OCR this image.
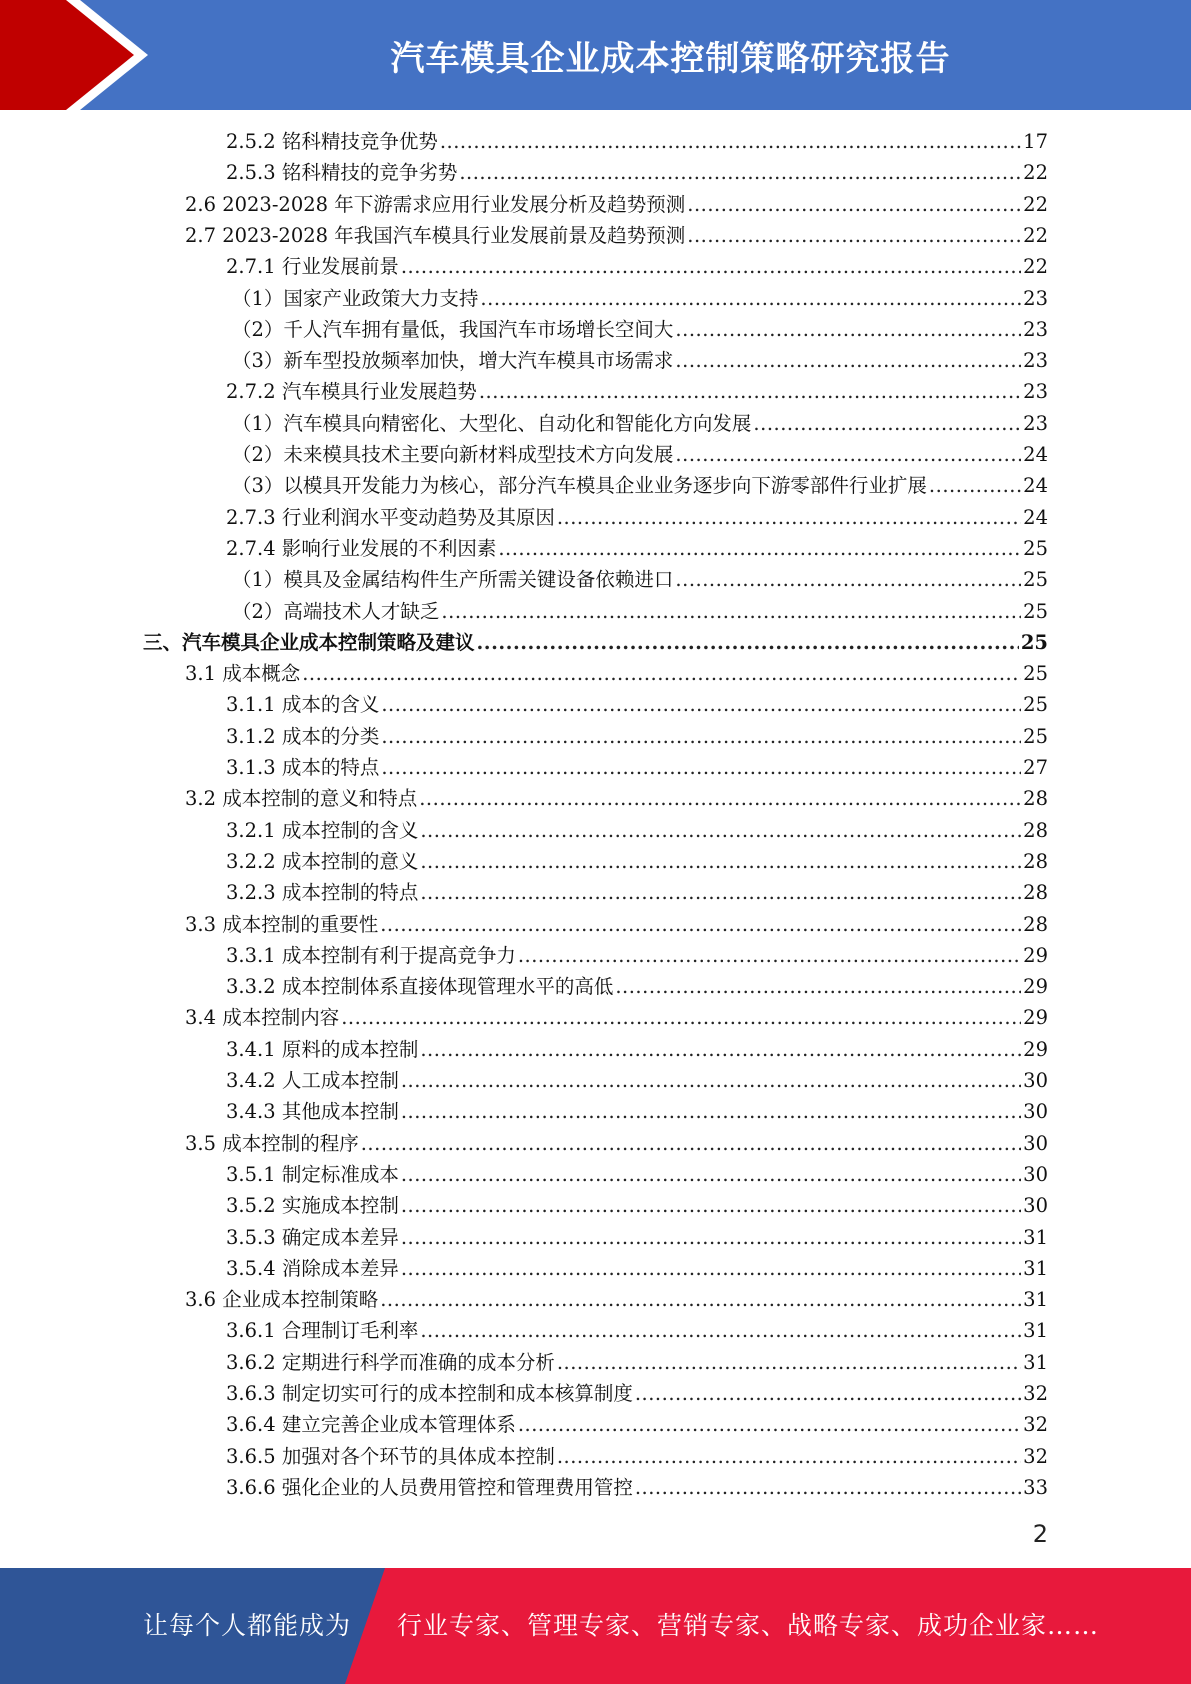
汽车模具企业成本控制策略研究报告
2.5.2 铭科精技竞争优势 .....	17
2.5.3 铭科精技的竞争劣势 .....	22
2.6 2023-2028 年下游需求应用行业发展分析及趋势预测 .....	22
2.7 2023-2028 年我国汽车模具行业发展前景及趋势预测 .....	22
2.7.1 行业发展前景 .....	22
（1）国家产业政策大力支持 .....	23
（2）千人汽车拥有量低，我国汽车市场增长空间大 .....	23
（3）新车型投放频率加快，增大汽车模具市场需求 .....	23
2.7.2 汽车模具行业发展趋势 .....	23
（1）汽车模具向精密化、大型化、自动化和智能化方向发展 .....	23
（2）未来模具技术主要向新材料成型技术方向发展 .....	24
（3）以模具开发能力为核心，部分汽车模具企业业务逐步向下游零部件行业扩展 .....	24
2.7.3 行业利润水平变动趋势及其原因 .....	24
2.7.4 影响行业发展的不利因素 .....	25
（1）模具及金属结构件生产所需关键设备依赖进口 .....	25
（2）高端技术人才缺乏 .....	25
三、汽车模具企业成本控制策略及建议 .....	25
3.1 成本概念 .....	25
3.1.1 成本的含义 .....	25
3.1.2 成本的分类 .....	25
3.1.3 成本的特点 .....	27
3.2 成本控制的意义和特点 .....	28
3.2.1 成本控制的含义 .....	28
3.2.2 成本控制的意义 .....	28
3.2.3 成本控制的特点 .....	28
3.3 成本控制的重要性 .....	28
3.3.1 成本控制有利于提高竞争力 .....	29
3.3.2 成本控制体系直接体现管理水平的高低 .....	29
3.4 成本控制内容 .....	29
3.4.1 原料的成本控制 .....	29
3.4.2 人工成本控制 .....	30
3.4.3 其他成本控制 .....	30
3.5 成本控制的程序 .....	30
3.5.1 制定标准成本 .....	30
3.5.2 实施成本控制 .....	30
3.5.3 确定成本差异 .....	31
3.5.4 消除成本差异 .....	31
3.6 企业成本控制策略 .....	31
3.6.1 合理制订毛利率 .....	31
3.6.2 定期进行科学而准确的成本分析 .....	31
3.6.3 制定切实可行的成本控制和成本核算制度 .....	32
3.6.4 建立完善企业成本管理体系 .....	32
3.6.5 加强对各个环节的具体成本控制 .....	32
3.6.6 强化企业的人员费用管控和管理费用管控 .....	33
2
让每个人都能成为 行业专家、管理专家、营销专家、战略专家、成功企业家……
